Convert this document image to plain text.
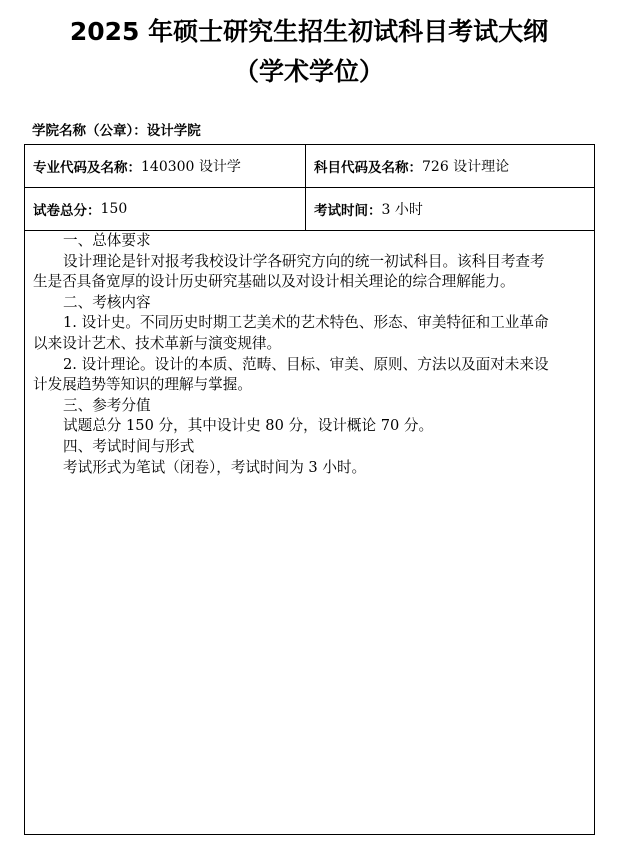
2025 年硕士研究生招生初试科目考试大纲
（学术学位）
学院名称（公章）：设计学院
专业代码及名称： 140300 设计学	科目代码及名称： 726 设计理论
试卷总分： 150	考试时间： 3 小时
一、总体要求
设计理论是针对报考我校设计学各研究方向的统一初试科目。该科目考查考
生是否具备宽厚的设计历史研究基础以及对设计相关理论的综合理解能力。
二、考核内容
1. 设计史。不同历史时期工艺美术的艺术特色、形态、审美特征和工业革命
以来设计艺术、技术革新与演变规律。
2. 设计理论。设计的本质、范畴、目标、审美、原则、方法以及面对未来设
计发展趋势等知识的理解与掌握。
三、参考分值
试题总分 150 分，其中设计史 80 分，设计概论 70 分。
四、考试时间与形式
考试形式为笔试（闭卷），考试时间为 3 小时。
